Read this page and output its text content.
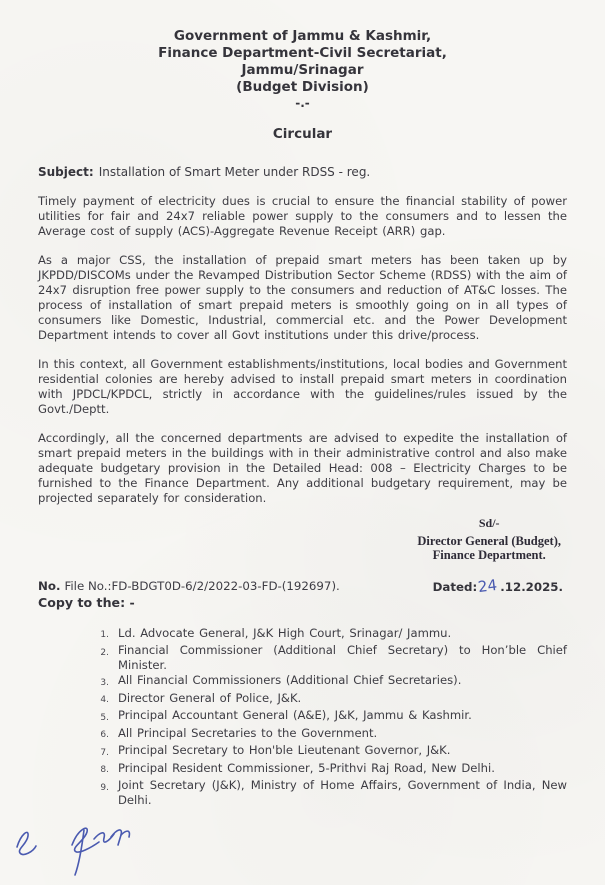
Government of Jammu & Kashmir,
Finance Department-Civil Secretariat,
Jammu/Srinagar
(Budget Division)
-.-
Circular
Subject: Installation of Smart Meter under RDSS - reg.

Timely payment of electricity dues is crucial to ensure the financial stability of power utilities for fair and 24x7 reliable power supply to the consumers and to lessen the Average cost of supply (ACS)-Aggregate Revenue Receipt (ARR) gap.

As a major CSS, the installation of prepaid smart meters has been taken up by JKPDD/DISCOMs under the Revamped Distribution Sector Scheme (RDSS) with the aim of 24x7 disruption free power supply to the consumers and reduction of AT&C losses. The process of installation of smart prepaid meters is smoothly going on in all types of consumers like Domestic, Industrial, commercial etc. and the Power Development Department intends to cover all Govt institutions under this drive/process.

In this context, all Government establishments/institutions, local bodies and Government residential colonies are hereby advised to install prepaid smart meters in coordination with JPDCL/KPDCL, strictly in accordance with the guidelines/rules issued by the Govt./Deptt.

Accordingly, all the concerned departments are advised to expedite the installation of smart prepaid meters in the buildings with in their administrative control and also make adequate budgetary provision in the Detailed Head: 008 – Electricity Charges to be furnished to the Finance Department. Any additional budgetary requirement, may be projected separately for consideration.

Sd/-
Director General (Budget),
Finance Department.
No. File No.:FD-BDGT0D-6/2/2022-03-FD-(192697).
Copy to the: -
Dated:24 .12.2025.
1. Ld. Advocate General, J&K High Court, Srinagar/ Jammu.
2. Financial Commissioner (Additional Chief Secretary) to Hon’ble Chief Minister.
3. All Financial Commissioners (Additional Chief Secretaries).
4. Director General of Police, J&K.
5. Principal Accountant General (A&E), J&K, Jammu & Kashmir.
6. All Principal Secretaries to the Government.
7. Principal Secretary to Hon'ble Lieutenant Governor, J&K.
8. Principal Resident Commissioner, 5-Prithvi Raj Road, New Delhi.
9. Joint Secretary (J&K), Ministry of Home Affairs, Government of India, New Delhi.
